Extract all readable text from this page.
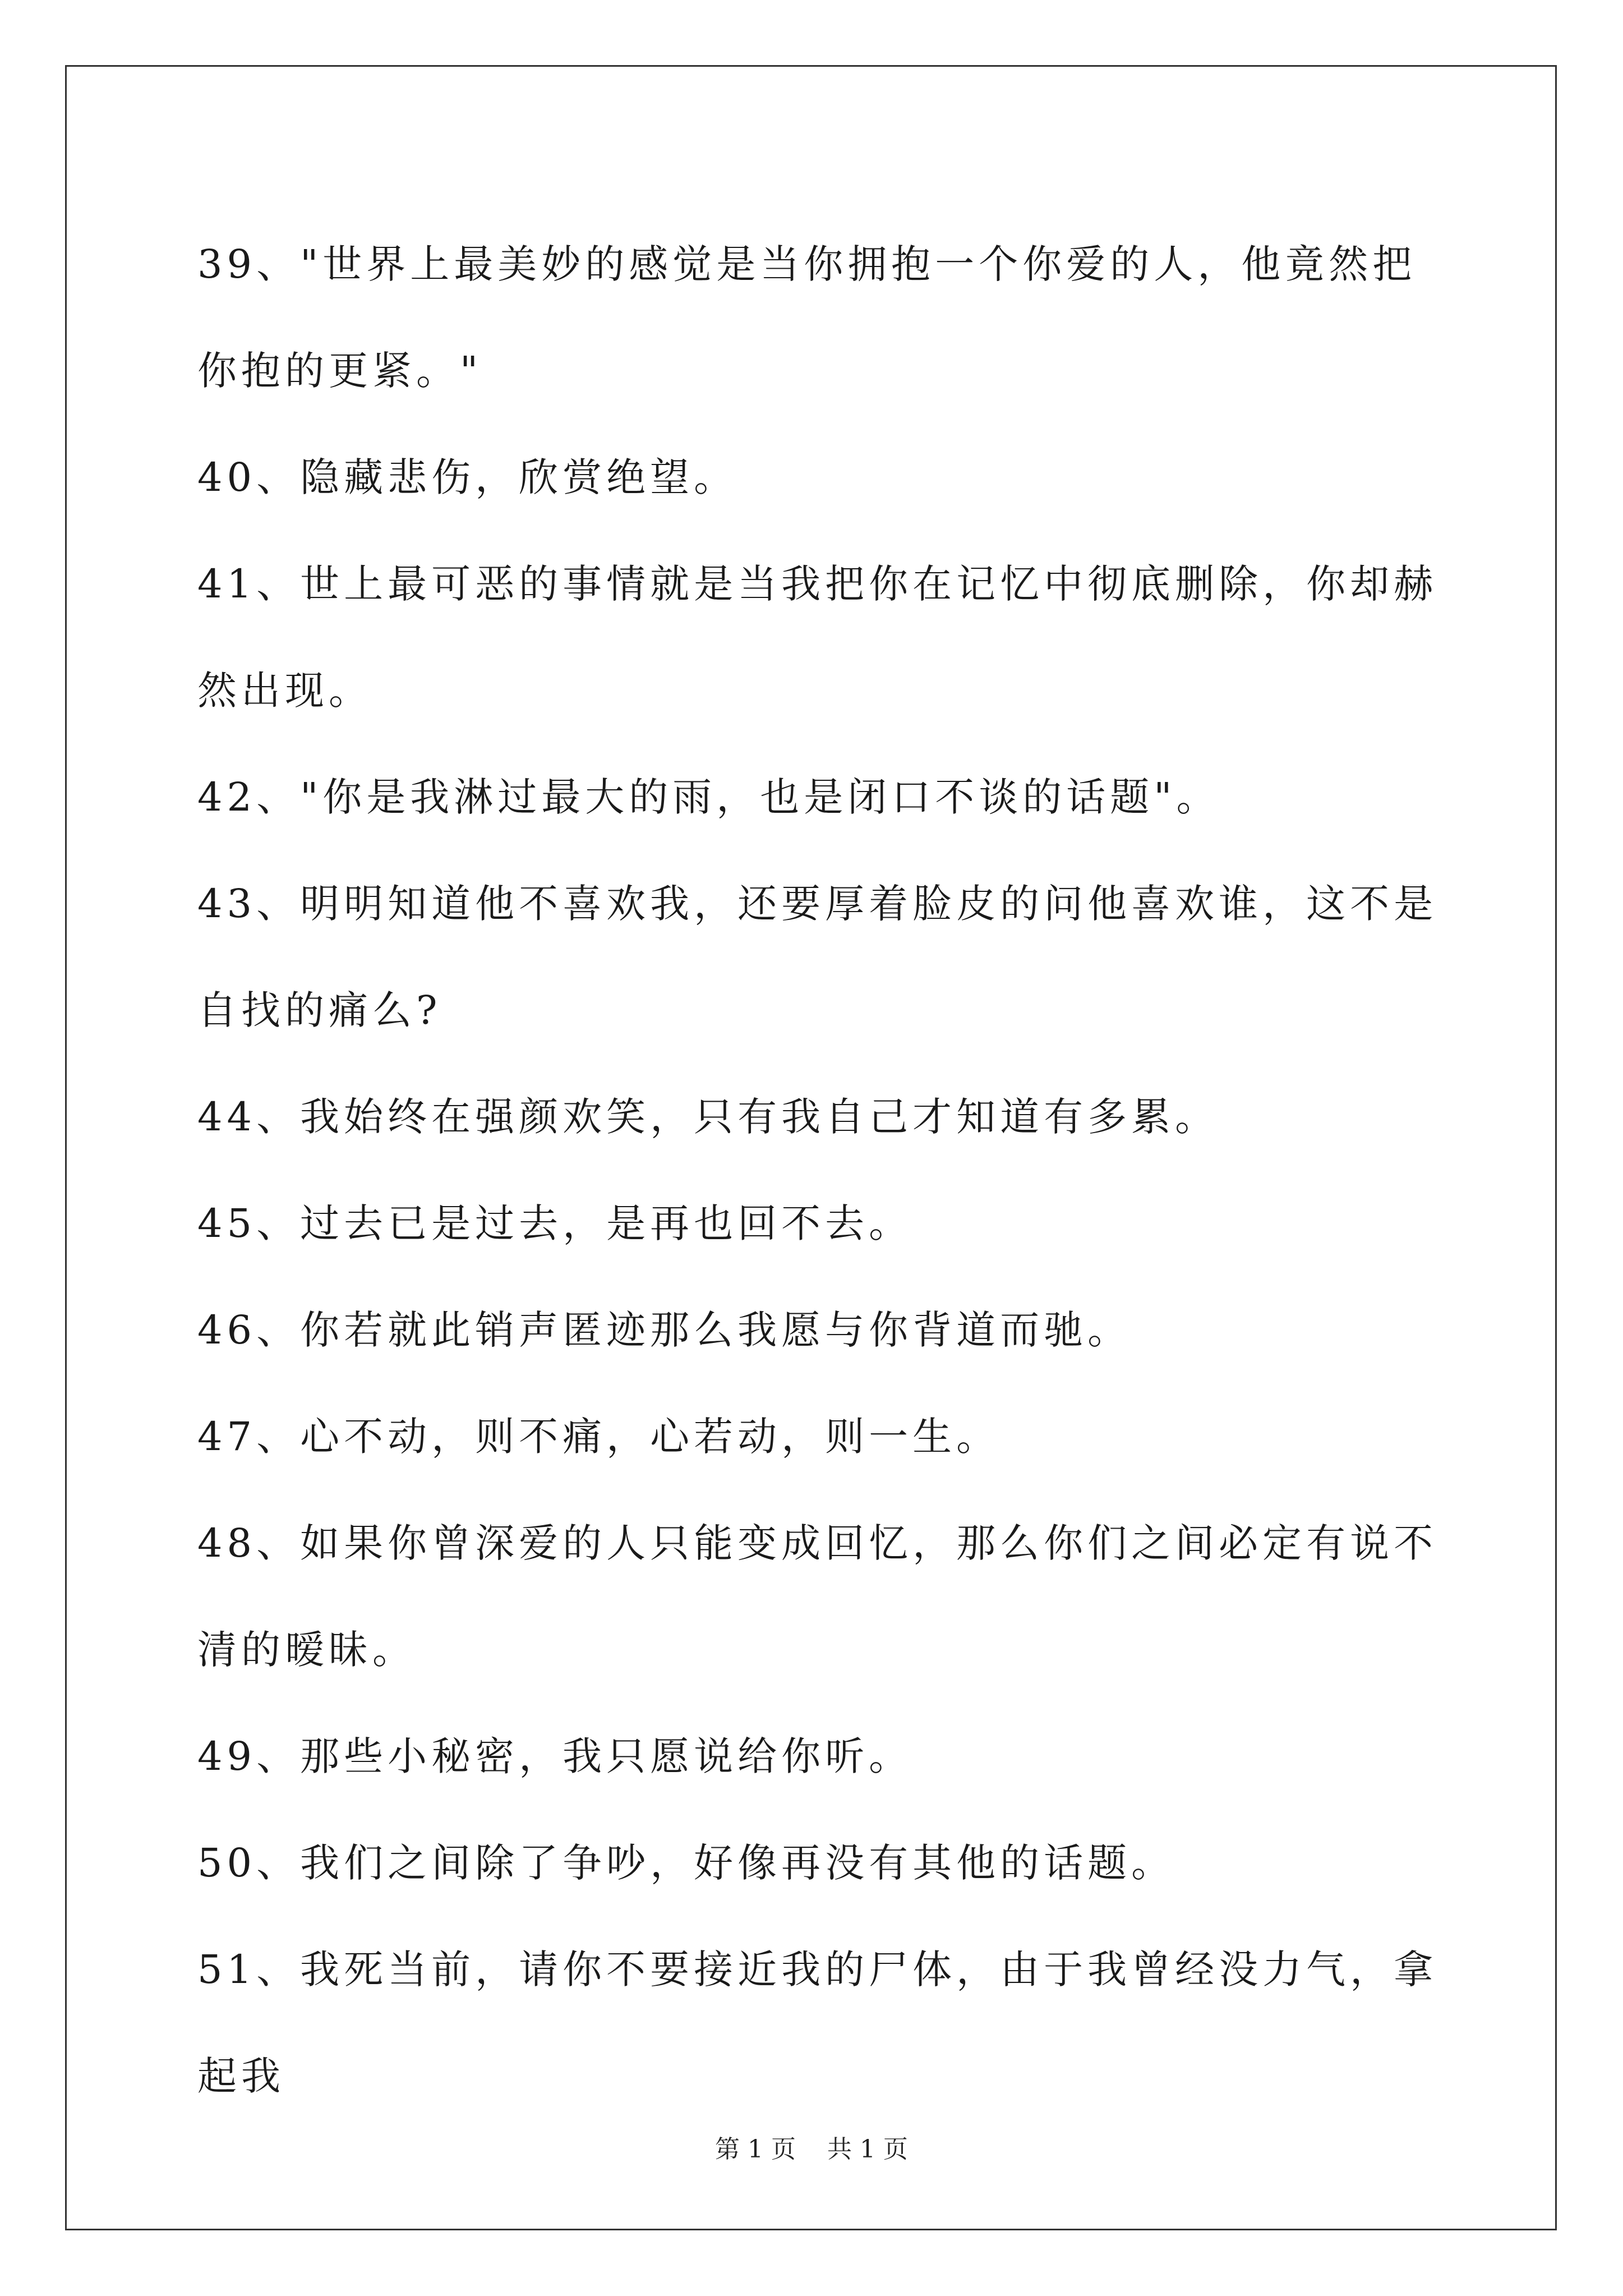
39、"世界上最美妙的感觉是当你拥抱一个你爱的人，他竟然把你抱的更紧。"

40、隐藏悲伤，欣赏绝望。

41、世上最可恶的事情就是当我把你在记忆中彻底删除，你却赫然出现。

42、"你是我淋过最大的雨，也是闭口不谈的话题"。

43、明明知道他不喜欢我，还要厚着脸皮的问他喜欢谁，这不是自找的痛么?

44、我始终在强颜欢笑，只有我自己才知道有多累。

45、过去已是过去，是再也回不去。

46、你若就此销声匿迹那么我愿与你背道而驰。

47、心不动，则不痛，心若动，则一生。

48、如果你曾深爱的人只能变成回忆，那么你们之间必定有说不清的暧昧。

49、那些小秘密，我只愿说给你听。

50、我们之间除了争吵，好像再没有其他的话题。

51、我死当前，请你不要接近我的尸体，由于我曾经没力气，拿起我

第 1 页    共 1 页
